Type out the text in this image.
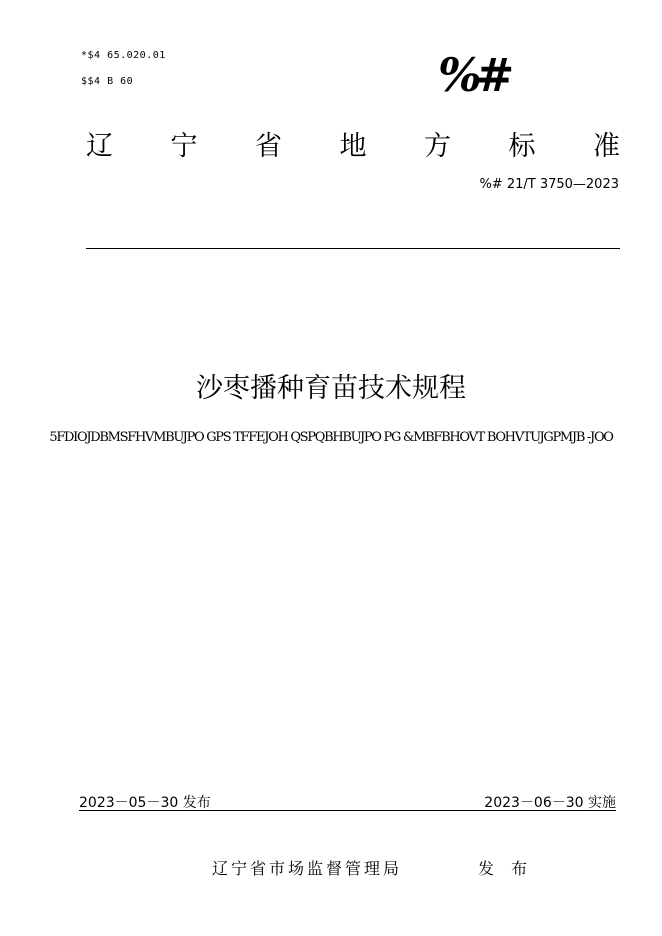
*$4 65.020.01
$$4 B 60	%#
辽 宁 省 地 方 标 准
%# 21/T 3750—2023
沙枣播种育苗技术规程
5FDIOJDBMSFHVMBUJPO GPS TFFEJOH QSPQBHBUJPO PG &MBFBHOVT BOHVTUJGPMJB -JOO
2023－05－30 发布	2023－06－30 实施
辽宁省市场监督管理局	发 布
